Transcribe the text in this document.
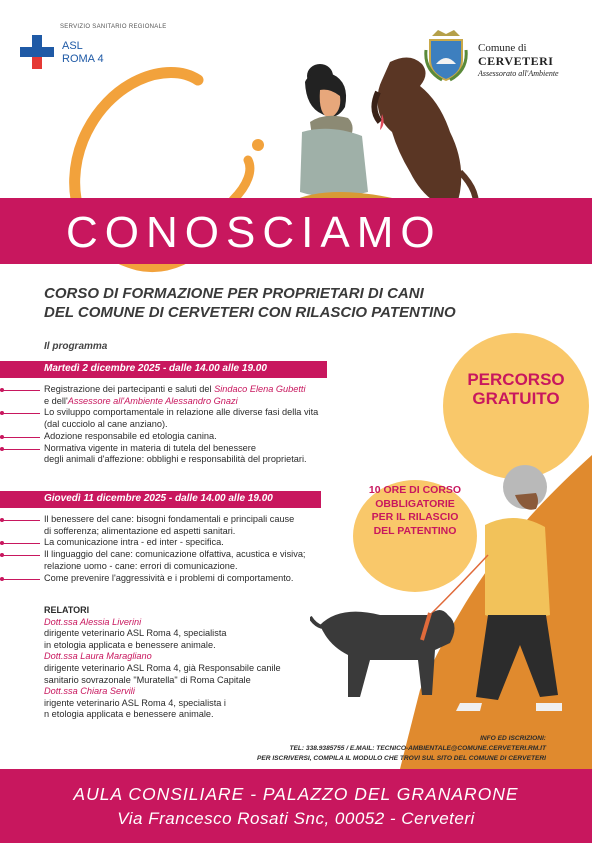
SERVIZIO SANITARIO REGIONALE
ASL
ROMA 4
Comune di
CERVETERI
Assessorato all'Ambiente
CONOSCIAMO
CORSO DI FORMAZIONE PER PROPRIETARI DI CANI
DEL COMUNE DI CERVETERI CON RILASCIO PATENTINO
Il programma
PERCORSO
GRATUITO
Martedì 2 dicembre 2025 - dalle 14.00 alle 19.00
Registrazione dei partecipanti e saluti del Sindaco Elena Gubetti
e dell'Assessore all'Ambiente Alessandro Gnazi
Lo sviluppo comportamentale in relazione alle diverse fasi della vita
(dal cucciolo al cane anziano).
Adozione responsabile ed etologia canina.
Normativa vigente in materia di tutela del benessere
degli animali d'affezione: obblighi e responsabilità del proprietari.
Giovedì 11 dicembre 2025 - dalle 14.00 alle 19.00
Il benessere del cane: bisogni fondamentali e principali cause
di sofferenza; alimentazione ed aspetti sanitari.
La comunicazione intra - ed inter - specifica.
Il linguaggio del cane: comunicazione olfattiva, acustica e visiva;
relazione uomo - cane: errori di comunicazione.
Come prevenire l'aggressività e i problemi di comportamento.
10 ORE DI CORSO
OBBLIGATORIE
PER IL RILASCIO
DEL PATENTINO
RELATORI
Dott.ssa Alessia Liverini
dirigente veterinario ASL Roma 4, specialista
in etologia applicata e benessere animale.
Dott.ssa Laura Maragliano
dirigente veterinario ASL Roma 4, già Responsabile canile
sanitario sovrazonale "Muratella" di Roma Capitale
Dott.ssa Chiara Servili
irigente veterinario ASL Roma 4, specialista i
n etologia applicata e benessere animale.
INFO ED ISCRIZIONI:
TEL: 338.9385755 / E.MAIL: TECNICO-AMBIENTALE@COMUNE.CERVETERI.RM.IT
PER ISCRIVERSI, COMPILA IL MODULO CHE TROVI SUL SITO DEL COMUNE DI CERVETERI
AULA CONSILIARE - PALAZZO DEL GRANARONE
Via Francesco Rosati Snc, 00052 - Cerveteri
